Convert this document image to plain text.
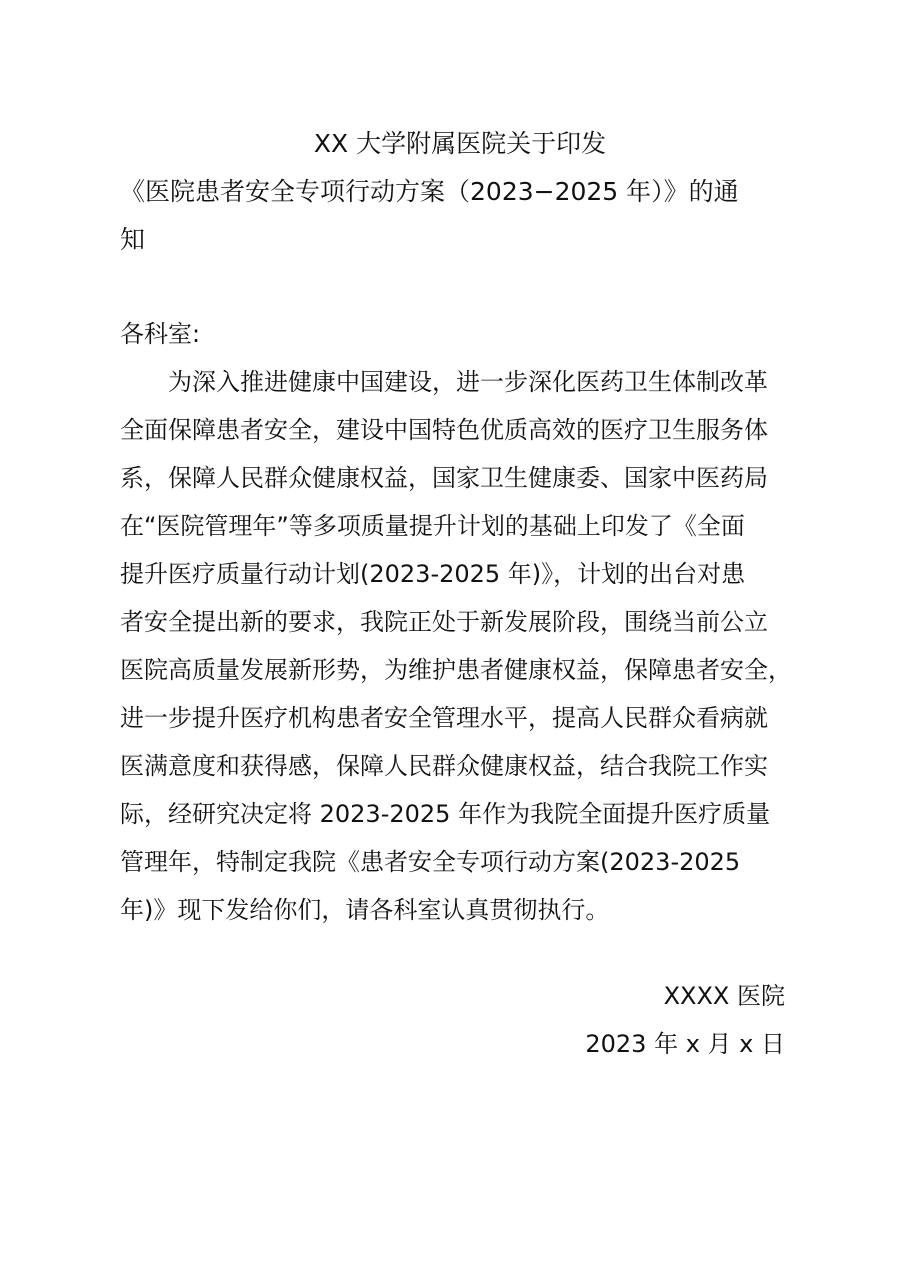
XX 大学附属医院关于印发
《医院患者安全专项行动方案（2023−2025 年）》的通
知
各科室:
为深入推进健康中国建设，进一步深化医药卫生体制改革
全面保障患者安全，建设中国特色优质高效的医疗卫生服务体
系，保障人民群众健康权益，国家卫生健康委、国家中医药局
在“医院管理年”等多项质量提升计划的基础上印发了《全面
提升医疗质量行动计划(2023-2025 年)》，计划的出台对患
者安全提出新的要求，我院正处于新发展阶段，围绕当前公立
医院高质量发展新形势，为维护患者健康权益，保障患者安全，
进一步提升医疗机构患者安全管理水平，提高人民群众看病就
医满意度和获得感，保障人民群众健康权益，结合我院工作实
际，经研究决定将 2023-2025 年作为我院全面提升医疗质量
管理年，特制定我院《患者安全专项行动方案(2023-2025
年)》现下发给你们，请各科室认真贯彻执行。
XXXX 医院
2023 年 x 月 x 日
